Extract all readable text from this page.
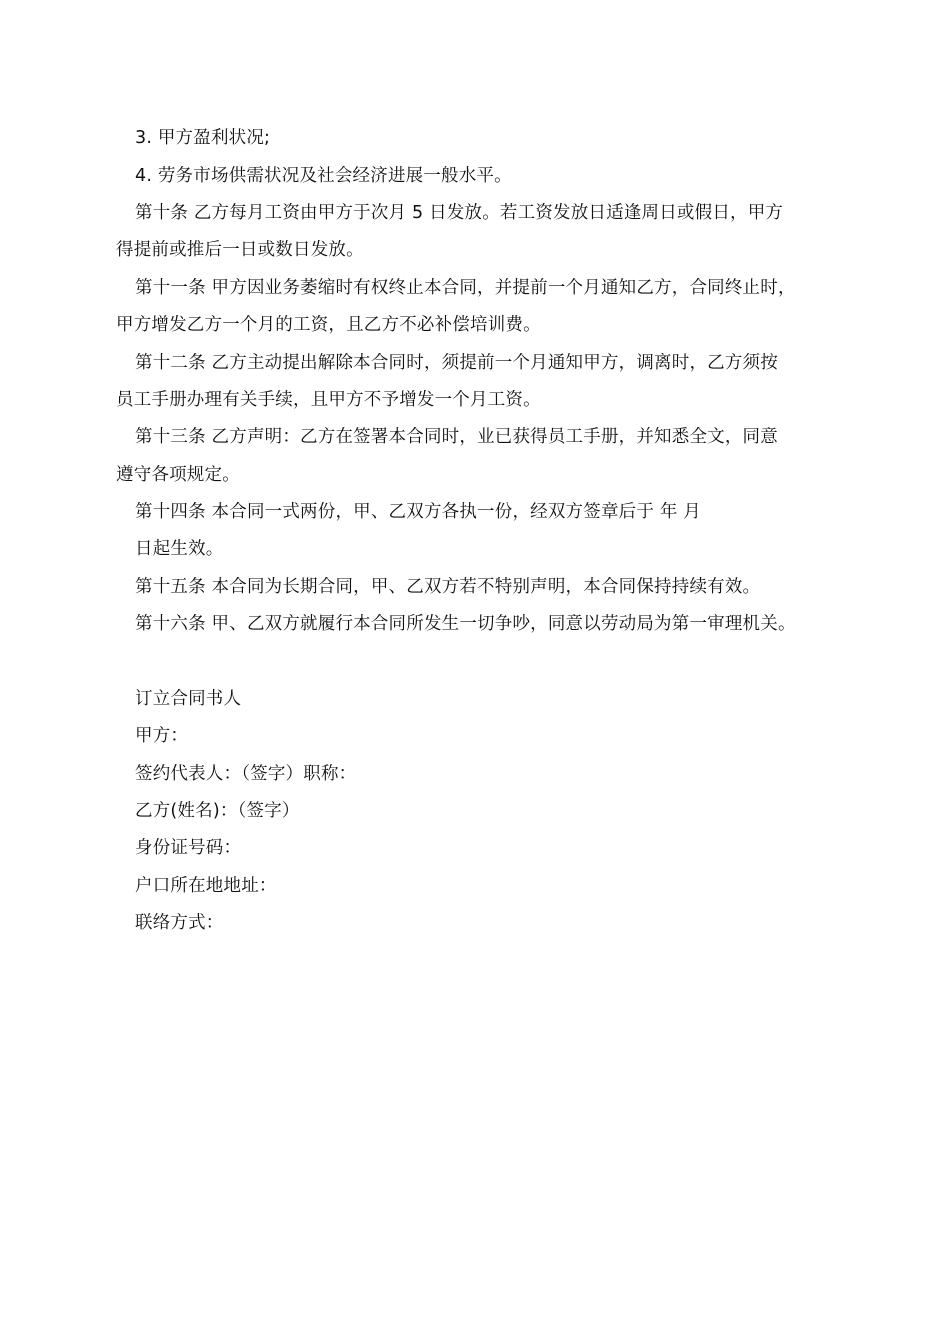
3. 甲方盈利状况;
4. 劳务市场供需状况及社会经济进展一般水平。
第十条 乙方每月工资由甲方于次月 5 日发放。若工资发放日适逢周日或假日，甲方
得提前或推后一日或数日发放。
第十一条 甲方因业务萎缩时有权终止本合同，并提前一个月通知乙方，合同终止时，
甲方增发乙方一个月的工资，且乙方不必补偿培训费。
第十二条 乙方主动提出解除本合同时，须提前一个月通知甲方，调离时，乙方须按
员工手册办理有关手续，且甲方不予增发一个月工资。
第十三条 乙方声明：乙方在签署本合同时，业已获得员工手册，并知悉全文，同意
遵守各项规定。
第十四条 本合同一式两份，甲、乙双方各执一份，经双方签章后于 年 月
日起生效。
第十五条 本合同为长期合同，甲、乙双方若不特别声明，本合同保持持续有效。
第十六条 甲、乙双方就履行本合同所发生一切争吵，同意以劳动局为第一审理机关。
订立合同书人
甲方：
签约代表人：（签字）职称：
乙方(姓名)：（签字）
身份证号码：
户口所在地地址：
联络方式：
